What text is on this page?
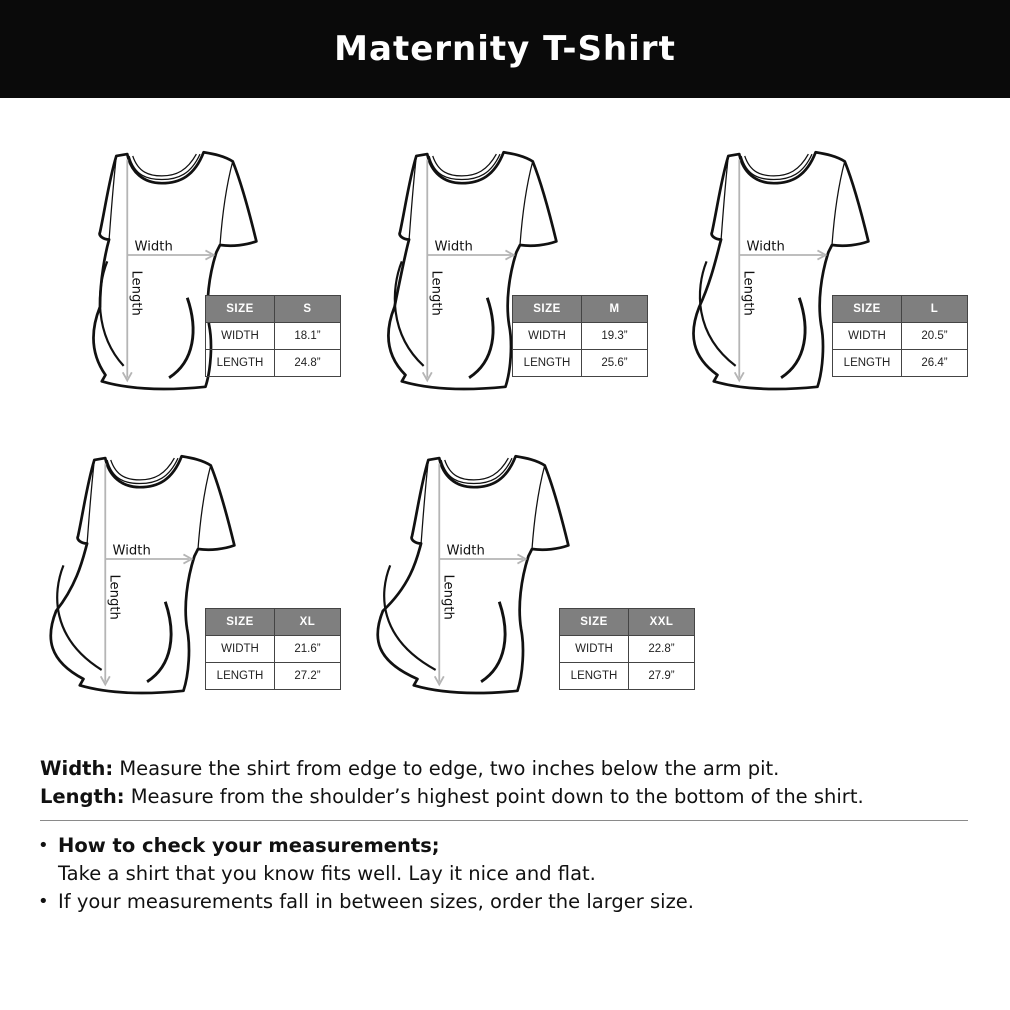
Maternity T-Shirt
Width
Length	SIZE	S
WIDTH	18.1”
LENGTH	24.8”
Width
Length	SIZE	M
WIDTH	19.3”
LENGTH	25.6”
Width
Length	SIZE	L
WIDTH	20.5”
LENGTH	26.4”
Width
Length
SIZE	XL
WIDTH	21.6”
LENGTH	27.2”
Width
Length
SIZE	XXL
WIDTH	22.8”
LENGTH	27.9”

Width: Measure the shirt from edge to edge, two inches below the arm pit.

Length: Measure from the shoulder’s highest point down to the bottom of the shirt.

• How to check your measurements;
Take a shirt that you know fits well. Lay it nice and flat.
• If your measurements fall in between sizes, order the larger size.
